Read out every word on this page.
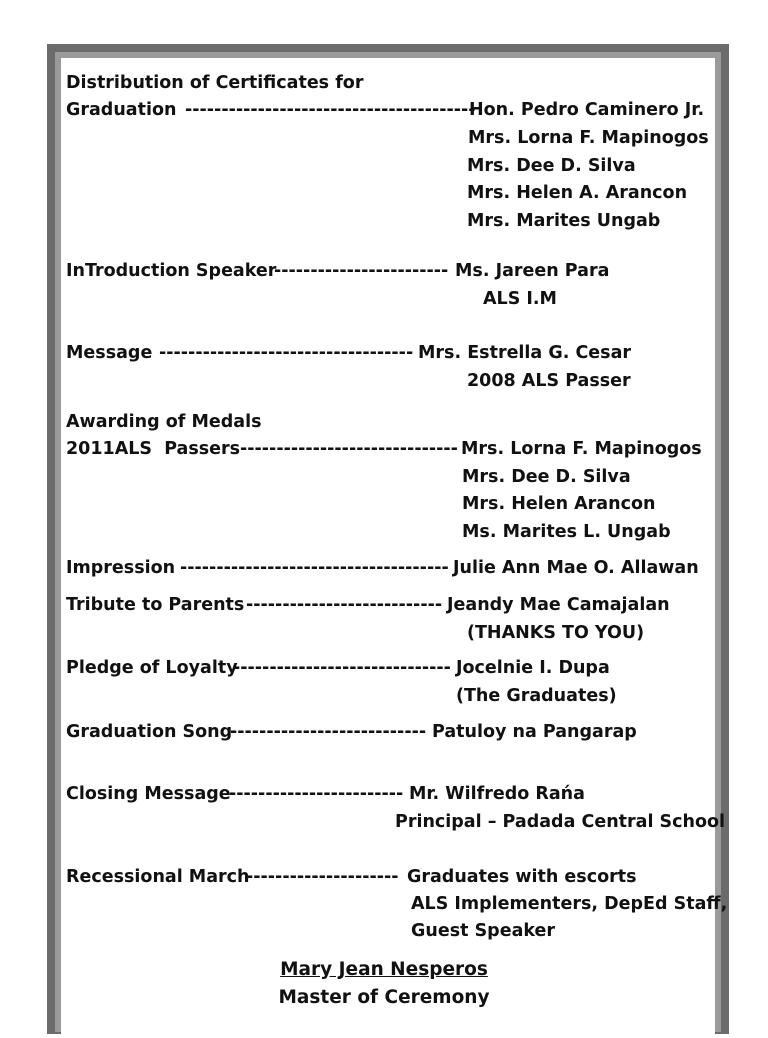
Distribution of Certificates for
Graduation ----------------------------------------
Hon. Pedro Caminero Jr.
Mrs. Lorna F. Mapinogos
Mrs. Dee D. Silva
Mrs. Helen A. Arancon
Mrs. Marites Ungab
InTroduction Speaker
------------------------ Ms. Jareen Para
ALS I.M
Message ----------------------------------- Mrs. Estrella G. Cesar
2008 ALS Passer
Awarding of Medals
2011ALS  Passers ------------------------------ Mrs. Lorna F. Mapinogos
Mrs. Dee D. Silva
Mrs. Helen Arancon
Ms. Marites L. Ungab
Impression ------------------------------------- Julie Ann Mae O. Allawan
Tribute to Parents --------------------------- Jeandy Mae Camajalan
(THANKS TO YOU)
Pledge of Loyalty
------------------------------ Jocelnie I. Dupa
(The Graduates)
Graduation Song
--------------------------- Patuloy na Pangarap
Closing Message
------------------------ Mr. Wilfredo Rańa
Principal – Padada Central School
Recessional March
--------------------- Graduates with escorts
ALS Implementers, DepEd Staff,
Guest Speaker
Mary Jean Nesperos
Master of Ceremony
